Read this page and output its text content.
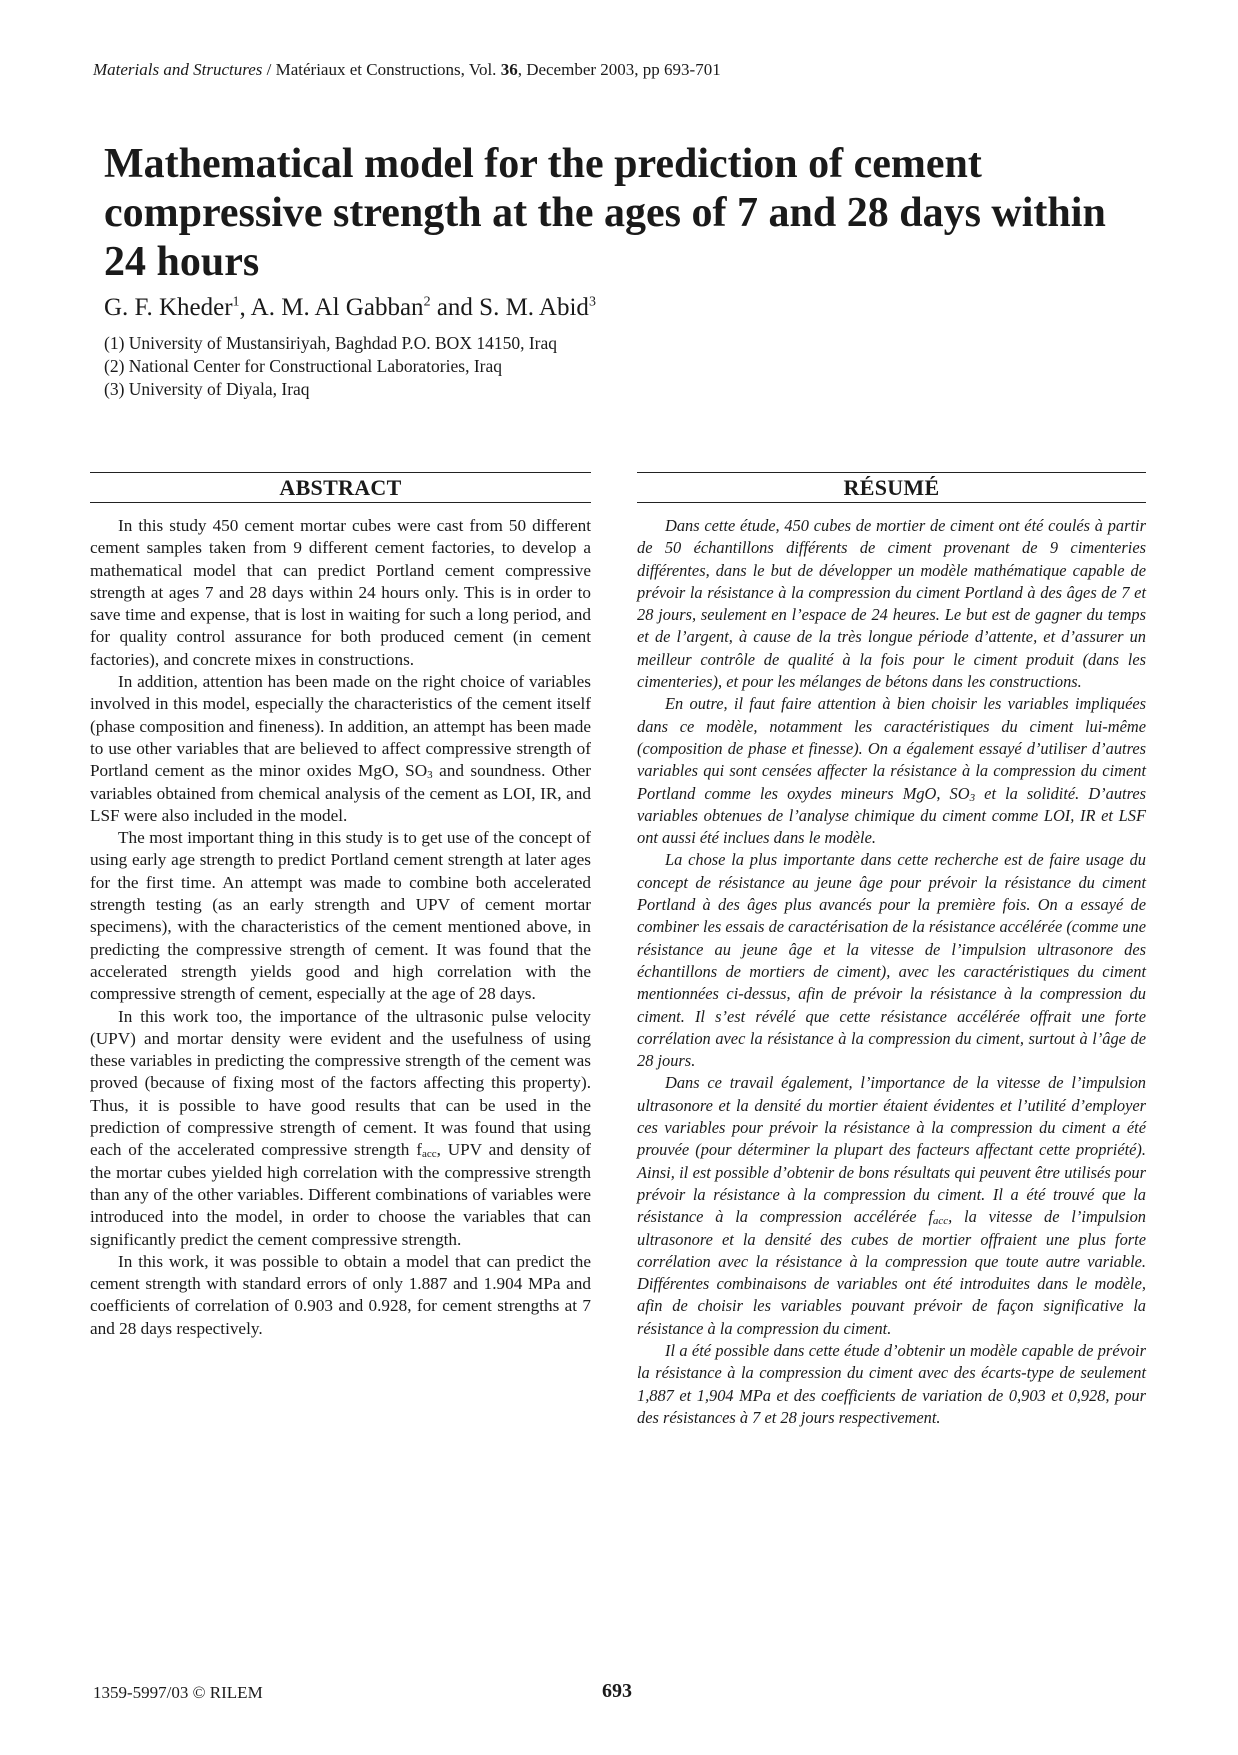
Materials and Structures / Matériaux et Constructions, Vol. 36, December 2003, pp 693-701
Mathematical model for the prediction of cement compressive strength at the ages of 7 and 28 days within 24 hours
G. F. Kheder$^1$, A. M. Al Gabban$^2$ and S. M. Abid$^3$
(1) University of Mustansiriyah, Baghdad P.O. BOX 14150, Iraq
(2) National Center for Constructional Laboratories, Iraq
(3) University of Diyala, Iraq
ABSTRACT

In this study 450 cement mortar cubes were cast from 50 different cement samples taken from 9 different cement factories, to develop a mathematical model that can predict Portland cement compressive strength at ages 7 and 28 days within 24 hours only. This is in order to save time and expense, that is lost in waiting for such a long period, and for quality control assurance for both produced cement (in cement factories), and concrete mixes in constructions.

In addition, attention has been made on the right choice of variables involved in this model, especially the characteristics of the cement itself (phase composition and fineness). In addition, an attempt has been made to use other variables that are believed to affect compressive strength of Portland cement as the minor oxides MgO, $SO_3$ and soundness. Other variables obtained from chemical analysis of the cement as LOI, IR, and LSF were also included in the model.

The most important thing in this study is to get use of the concept of using early age strength to predict Portland cement strength at later ages for the first time. An attempt was made to combine both accelerated strength testing (as an early strength and UPV of cement mortar specimens), with the characteristics of the cement mentioned above, in predicting the compressive strength of cement. It was found that the accelerated strength yields good and high correlation with the compressive strength of cement, especially at the age of 28 days.

In this work too, the importance of the ultrasonic pulse velocity (UPV) and mortar density were evident and the usefulness of using these variables in predicting the compressive strength of the cement was proved (because of fixing most of the factors affecting this property). Thus, it is possible to have good results that can be used in the prediction of compressive strength of cement. It was found that using each of the accelerated compressive strength $f_{acc}$, UPV and density of the mortar cubes yielded high correlation with the compressive strength than any of the other variables. Different combinations of variables were introduced into the model, in order to choose the variables that can significantly predict the cement compressive strength.

In this work, it was possible to obtain a model that can predict the cement strength with standard errors of only 1.887 and 1.904 MPa and coefficients of correlation of 0.903 and 0.928, for cement strengths at 7 and 28 days respectively.

RÉSUMÉ

Dans cette étude, 450 cubes de mortier de ciment ont été coulés à partir de 50 échantillons différents de ciment provenant de 9 cimenteries différentes, dans le but de développer un modèle mathématique capable de prévoir la résistance à la compression du ciment Portland à des âges de 7 et 28 jours, seulement en l’espace de 24 heures. Le but est de gagner du temps et de l’argent, à cause de la très longue période d’attente, et d’assurer un meilleur contrôle de qualité à la fois pour le ciment produit (dans les cimenteries), et pour les mélanges de bétons dans les constructions.

En outre, il faut faire attention à bien choisir les variables impliquées dans ce modèle, notamment les caractéristiques du ciment lui-même (composition de phase et finesse). On a également essayé d’utiliser d’autres variables qui sont censées affecter la résistance à la compression du ciment Portland comme les oxydes mineurs MgO, $SO_3$ et la solidité. D’autres variables obtenues de l’analyse chimique du ciment comme LOI, IR et LSF ont aussi été inclues dans le modèle.

La chose la plus importante dans cette recherche est de faire usage du concept de résistance au jeune âge pour prévoir la résistance du ciment Portland à des âges plus avancés pour la première fois. On a essayé de combiner les essais de caractérisation de la résistance accélérée (comme une résistance au jeune âge et la vitesse de l’impulsion ultrasonore des échantillons de mortiers de ciment), avec les caractéristiques du ciment mentionnées ci-dessus, afin de prévoir la résistance à la compression du ciment. Il s’est révélé que cette résistance accélérée offrait une forte corrélation avec la résistance à la compression du ciment, surtout à l’âge de 28 jours.

Dans ce travail également, l’importance de la vitesse de l’impulsion ultrasonore et la densité du mortier étaient évidentes et l’utilité d’employer ces variables pour prévoir la résistance à la compression du ciment a été prouvée (pour déterminer la plupart des facteurs affectant cette propriété). Ainsi, il est possible d’obtenir de bons résultats qui peuvent être utilisés pour prévoir la résistance à la compression du ciment. Il a été trouvé que la résistance à la compression accélérée $f_{acc}$, la vitesse de l’impulsion ultrasonore et la densité des cubes de mortier offraient une plus forte corrélation avec la résistance à la compression que toute autre variable. Différentes combinaisons de variables ont été introduites dans le modèle, afin de choisir les variables pouvant prévoir de façon significative la résistance à la compression du ciment.

Il a été possible dans cette étude d’obtenir un modèle capable de prévoir la résistance à la compression du ciment avec des écarts-type de seulement 1,887 et 1,904 MPa et des coefficients de variation de 0,903 et 0,928, pour des résistances à 7 et 28 jours respectivement.

1359-5997/03 © RILEM	693
